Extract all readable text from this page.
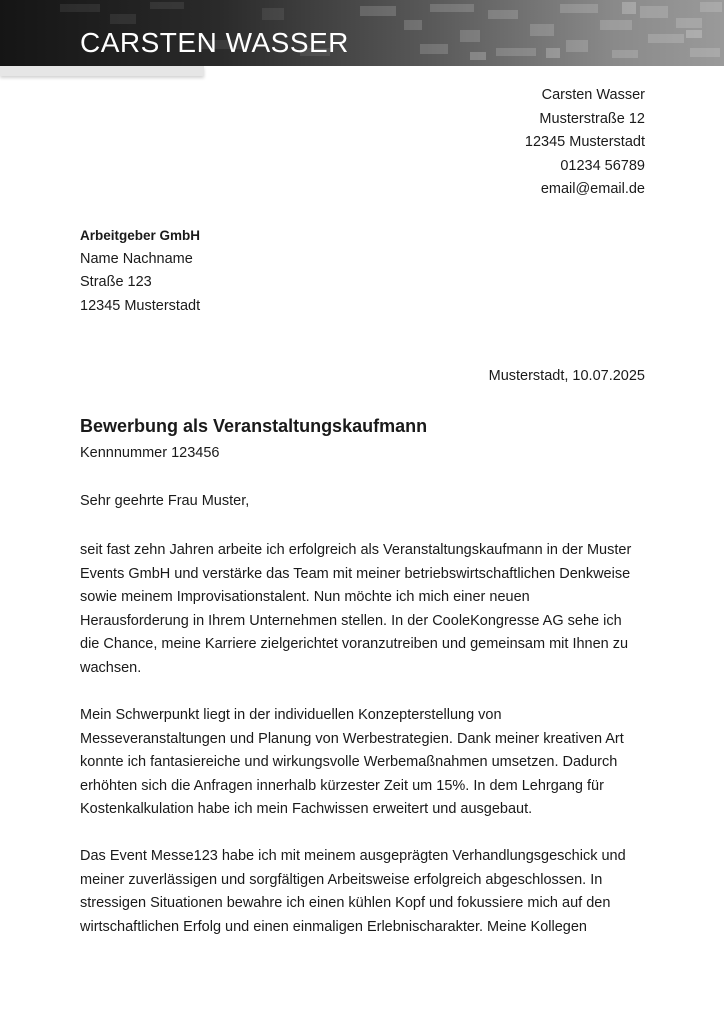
CARSTEN WASSER
Carsten Wasser
Musterstraße 12
12345 Musterstadt
01234 56789
email@email.de
Arbeitgeber GmbH
Name Nachname
Straße 123
12345 Musterstadt
Musterstadt, 10.07.2025
Bewerbung als Veranstaltungskaufmann
Kennnummer 123456
Sehr geehrte Frau Muster,
seit fast zehn Jahren arbeite ich erfolgreich als Veranstaltungskaufmann in der Muster
Events GmbH und verstärke das Team mit meiner betriebswirtschaftlichen Denkweise
sowie meinem Improvisationstalent. Nun möchte ich mich einer neuen
Herausforderung in Ihrem Unternehmen stellen. In der CooleKongresse AG sehe ich
die Chance, meine Karriere zielgerichtet voranzutreiben und gemeinsam mit Ihnen zu
wachsen.
Mein Schwerpunkt liegt in der individuellen Konzepterstellung von
Messeveranstaltungen und Planung von Werbestrategien. Dank meiner kreativen Art
konnte ich fantasiereiche und wirkungsvolle Werbemaßnahmen umsetzen. Dadurch
erhöhten sich die Anfragen innerhalb kürzester Zeit um 15%. In dem Lehrgang für
Kostenkalkulation habe ich mein Fachwissen erweitert und ausgebaut.
Das Event Messe123 habe ich mit meinem ausgeprägten Verhandlungsgeschick und
meiner zuverlässigen und sorgfältigen Arbeitsweise erfolgreich abgeschlossen. In
stressigen Situationen bewahre ich einen kühlen Kopf und fokussiere mich auf den
wirtschaftlichen Erfolg und einen einmaligen Erlebnischarakter. Meine Kollegen
